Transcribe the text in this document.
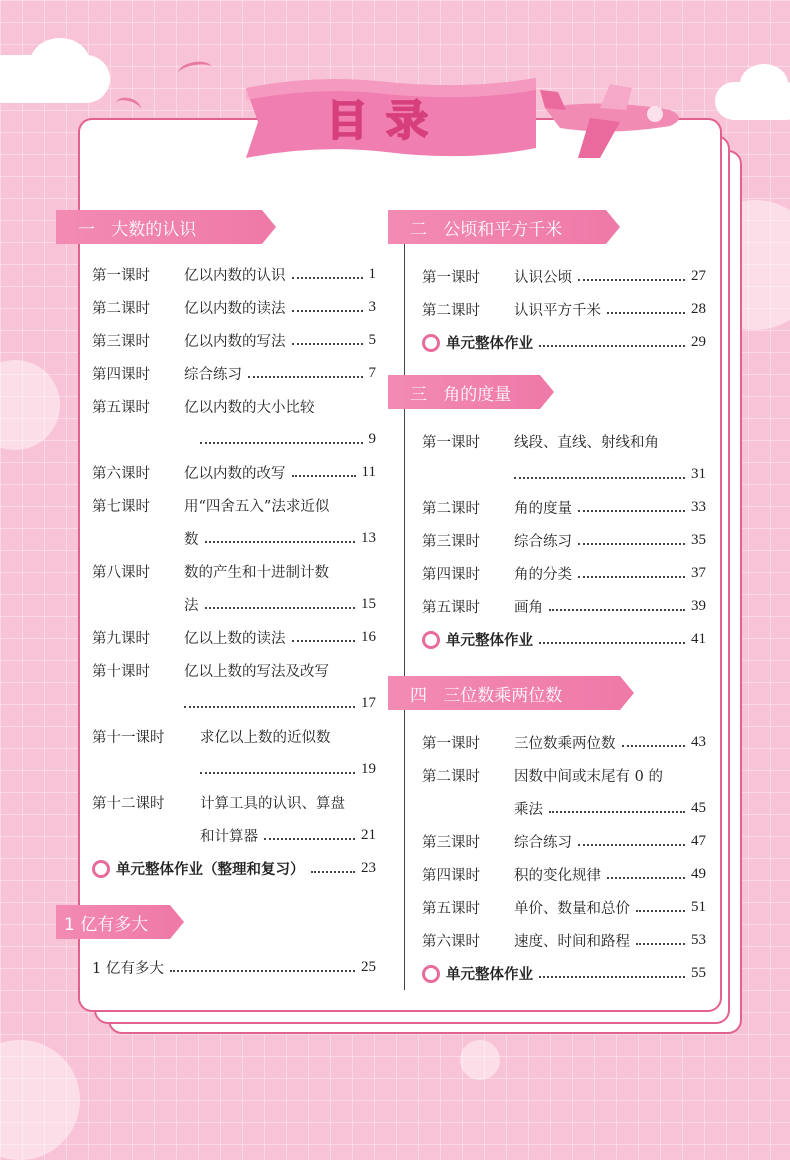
目录
一 大数的认识
第一课时	亿以内数的认识	1
第二课时	亿以内数的读法	3
第三课时	亿以内数的写法	5
第四课时	综合练习	7
第五课时	亿以内数的大小比较
9
第六课时	亿以内数的改写	11
第七课时	用“四舍五入”法求近似
数	13
第八课时	数的产生和十进制计数
法	15
第九课时	亿以上数的读法	16
第十课时	亿以上数的写法及改写
17
第十一课时	求亿以上数的近似数
19
第十二课时	计算工具的认识、算盘
和计算器	21
单元整体作业（整理和复习）	23
1 亿有多大
1 亿有多大	25
二 公顷和平方千米
第一课时	认识公顷	27
第二课时	认识平方千米	28
单元整体作业	29
三 角的度量
第一课时	线段、直线、射线和角
31
第二课时	角的度量	33
第三课时	综合练习	35
第四课时	角的分类	37
第五课时	画角	39
单元整体作业	41
四 三位数乘两位数
第一课时	三位数乘两位数	43
第二课时	因数中间或末尾有 0 的
乘法	45
第三课时	综合练习	47
第四课时	积的变化规律	49
第五课时	单价、数量和总价	51
第六课时	速度、时间和路程	53
单元整体作业	55
